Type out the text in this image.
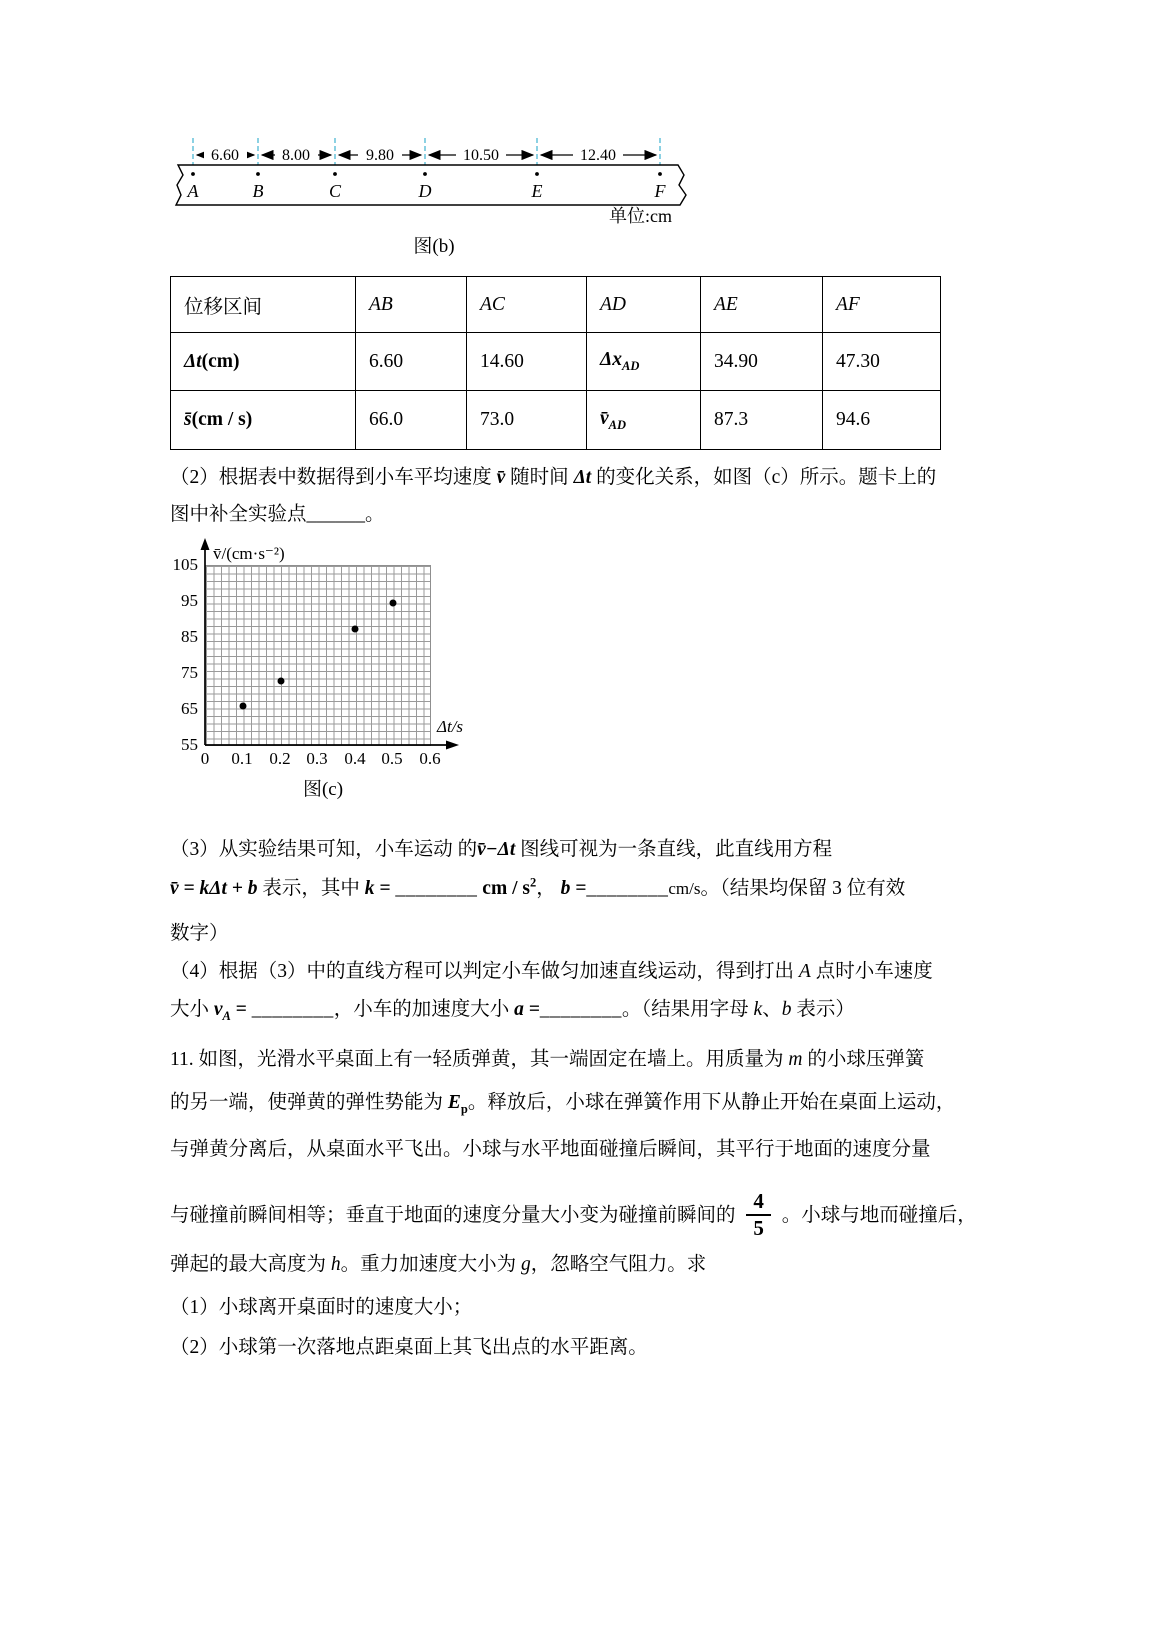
6.60	8.00	9.80	10.50	12.40
A	B	C	D	E	F
单位:cm
图(b)
位移区间	AB	AC	AD	AE	AF
Δt(cm)	6.60	14.60	$\Delta x_{AD}$	34.90	47.30
s̄(cm / s)	66.0	73.0	$v̄_{AD}$	87.3	94.6
（2）根据表中数据得到小车平均速度 v̄ 随时间 Δt 的变化关系，如图（c）所示。题卡上的
图中补全实验点______。
v̄/(cm·s⁻²)
105
95
85
75
65
55
0	0.1 0.2 0.3 0.4 0.5 0.6
Δt/s
图(c)
（3）从实验结果可知，小车运动 的v̄−Δt 图线可视为一条直线，此直线用方程
v̄ = kΔt + b 表示，其中 k = ________ cm / $s^2$， b =________cm/s。（结果均保留 3 位有效
数字）
（4）根据（3）中的直线方程可以判定小车做匀加速直线运动，得到打出 A 点时小车速度
大小 $v_A$ = ________，小车的加速度大小 a =________。（结果用字母 k、b 表示）
11. 如图，光滑水平桌面上有一轻质弹黄，其一端固定在墙上。用质量为 m 的小球压弹簧
的另一端，使弹黄的弹性势能为 $E_p$。释放后，小球在弹簧作用下从静止开始在桌面上运动，
与弹黄分离后，从桌面水平飞出。小球与水平地面碰撞后瞬间，其平行于地面的速度分量
与碰撞前瞬间相等；垂直于地面的速度分量大小变为碰撞前瞬间的 $\frac{4}{5}$ 。小球与地而碰撞后，
弹起的最大高度为 h。重力加速度大小为 g，忽略空气阻力。求
（1）小球离开桌面时的速度大小；
（2）小球第一次落地点距桌面上其飞出点的水平距离。
